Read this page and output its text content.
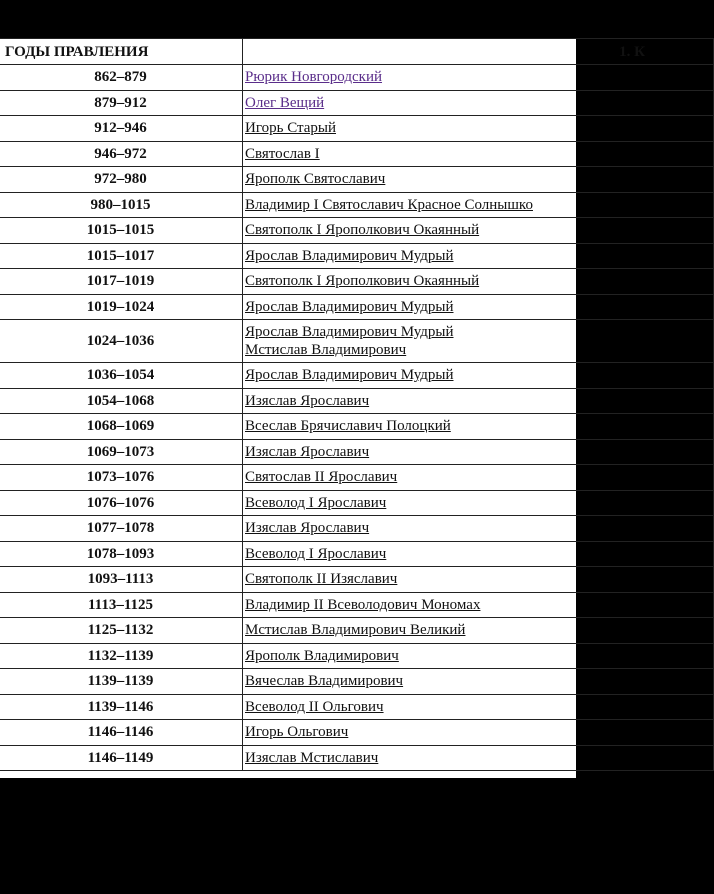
ГОДЫ ПРАВЛЕНИЯ	1. К
862–879	Рюрик Новгородский

879–912	Олег Вещий

912–946	Игорь Старый

946–972	Святослав I

972–980	Ярополк Святославич

980–1015	Владимир I Святославич Красное Солнышко

1015–1015	Святополк I Ярополкович Окаянный

1015–1017	Ярослав Владимирович Мудрый

1017–1019	Святополк I Ярополкович Окаянный

1019–1024	Ярослав Владимирович Мудрый

1024–1036	Ярослав Владимирович Мудрый
Мстислав Владимирович

1036–1054	Ярослав Владимирович Мудрый

1054–1068	Изяслав Ярославич

1068–1069	Всеслав Брячиславич Полоцкий

1069–1073	Изяслав Ярославич

1073–1076	Святослав II Ярославич

1076–1076	Всеволод I Ярославич

1077–1078	Изяслав Ярославич

1078–1093	Всеволод I Ярославич

1093–1113	Святополк II Изяславич

1113–1125	Владимир II Всеволодович Мономах

1125–1132	Мстислав Владимирович Великий

1132–1139	Ярополк Владимирович

1139–1139	Вячеслав Владимирович

1139–1146	Всеволод II Ольгович

1146–1146	Игорь Ольгович

1146–1149	Изяслав Мстиславич
